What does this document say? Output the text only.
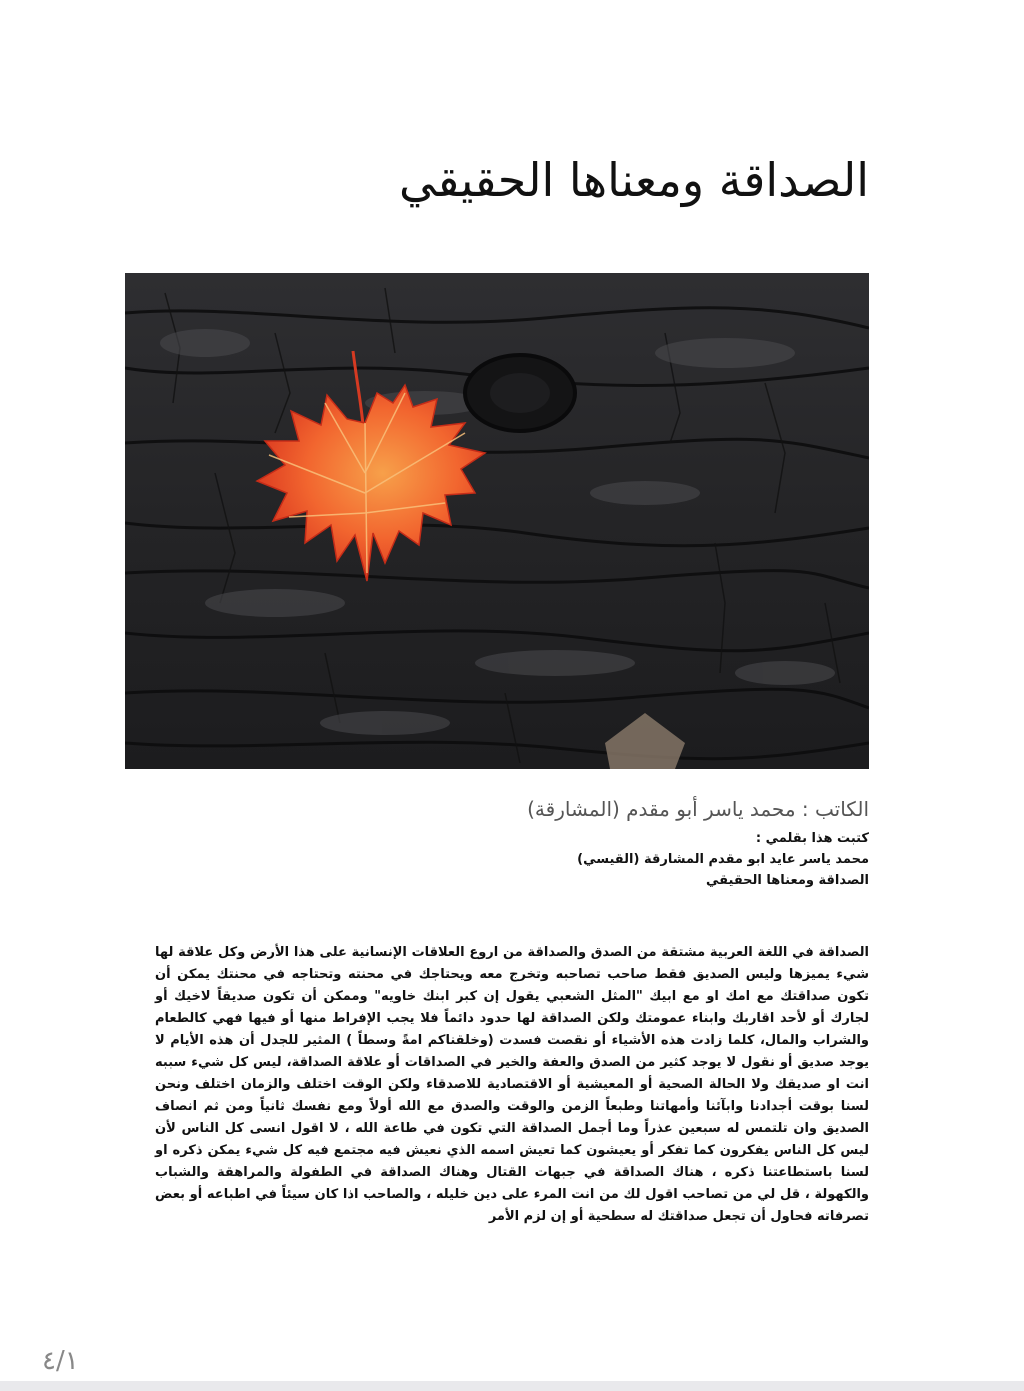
الصداقة ومعناها الحقيقي
الكاتب : محمد ياسر أبو مقدم (المشارقة)
كتبت هذا بقلمي :
محمد ياسر عايد ابو مقدم المشارقة (القيسي)
الصداقة ومعناها الحقيقي
الصداقة في اللغة العربية مشتقة من الصدق والصداقة من اروع العلاقات الإنسانية على هذا الأرض وكل علاقة لها شيء يميزها وليس الصديق فقط صاحب تصاحبه وتخرج معه ويحتاجك في محنته وتحتاجه في محنتك يمكن أن تكون صداقتك مع امك او مع ابيك "المثل الشعبي يقول إن كبر ابنك خاويه" وممكن أن تكون صديقاً لاخيك أو لجارك أو لأحد اقاربك وابناء عمومتك ولكن الصداقة لها حدود دائماً فلا يجب الإفراط منها أو فيها فهي كالطعام والشراب والمال، كلما زادت هذه الأشياء أو نقصت فسدت (وخلقناكم امةً وسطاً ) المثير للجدل أن هذه الأيام لا يوجد صديق أو نقول لا يوجد كثير من الصدق والعفة والخير في الصداقات أو علاقة الصداقة، ليس كل شيء سببه انت او صديقك ولا الحالة الصحية أو المعيشية أو الاقتصادية للاصدقاء ولكن الوقت اختلف والزمان اختلف ونحن لسنا بوقت أجدادنا وابآئنا وأمهاتنا وطبعاً الزمن والوقت والصدق مع الله أولاً ومع نفسك ثانياً ومن ثم انصاف الصديق وان تلتمس له سبعين عذراً وما أجمل الصداقة التي تكون في طاعة الله ، لا اقول انسى كل الناس لأن ليس كل الناس يفكرون كما تفكر أو يعيشون كما تعيش اسمه الذي نعيش فيه مجتمع فيه كل شيء يمكن ذكره او لسنا باستطاعتنا ذكره ، هناك الصداقة في جبهات القتال وهناك الصداقة في الطفولة والمراهقة والشباب والكهولة ، قل لي من تصاحب اقول لك من انت المرء على دين خليله ، والصاحب اذا كان سيئاً في اطباعه أو بعض تصرفاته فحاول أن تجعل صداقتك له سطحية أو إن لزم الأمر
٤/١
